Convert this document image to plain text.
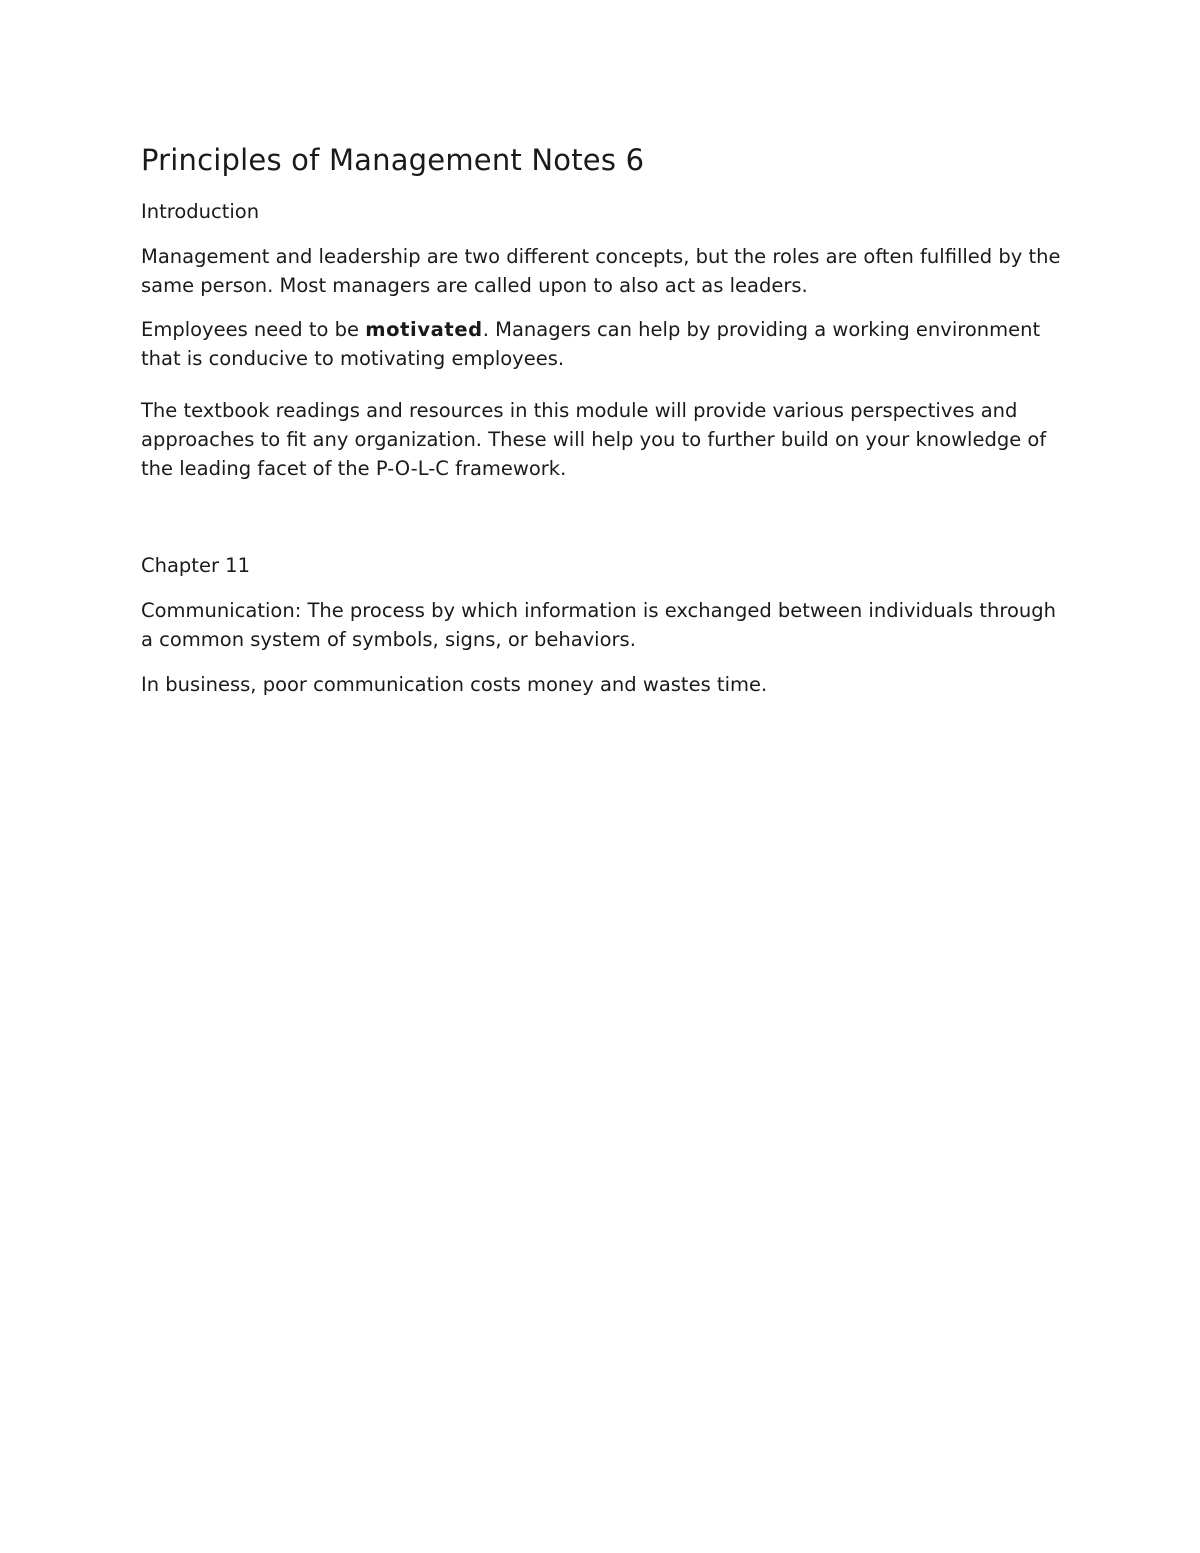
Principles of Management Notes 6

Introduction

Management and leadership are two different concepts, but the roles are often fulfilled by the same person. Most managers are called upon to also act as leaders.

Employees need to be motivated. Managers can help by providing a working environment that is conducive to motivating employees.

The textbook readings and resources in this module will provide various perspectives and approaches to fit any organization. These will help you to further build on your knowledge of the leading facet of the P-O-L-C framework.

Chapter 11

Communication: The process by which information is exchanged between individuals through a common system of symbols, signs, or behaviors.

In business, poor communication costs money and wastes time.
